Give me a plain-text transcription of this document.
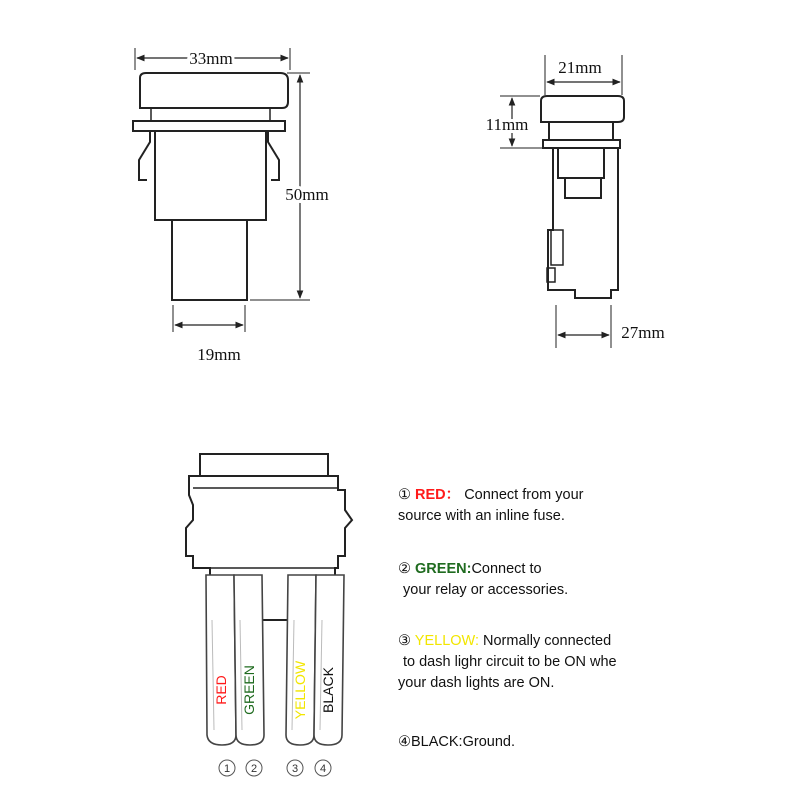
33mm
50mm
19mm
21mm
11mm
27mm
RED GREEN	YELLOW BLACK
1 2	3 4
① RED： Connect from your
source with an inline fuse.
② GREEN:Connect to
your relay or accessories.
③ YELLOW: Normally connected
to dash lighr circuit to be ON whe
your dash lights are ON.
④BLACK:Ground.
